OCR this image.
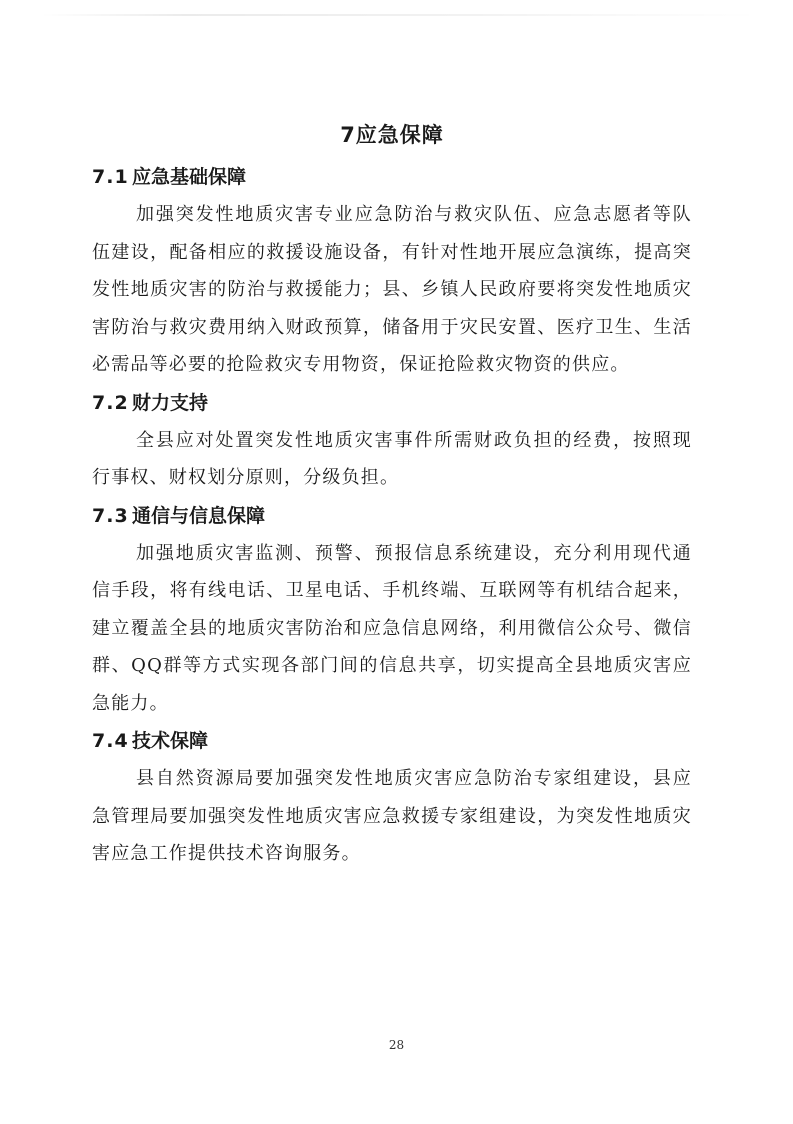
7应急保障
7.1 应急基础保障

加强突发性地质灾害专业应急防治与救灾队伍、应急志愿者等队伍建设，配备相应的救援设施设备，有针对性地开展应急演练，提高突发性地质灾害的防治与救援能力；县、乡镇人民政府要将突发性地质灾害防治与救灾费用纳入财政预算，储备用于灾民安置、医疗卫生、生活必需品等必要的抢险救灾专用物资，保证抢险救灾物资的供应。

7.2 财力支持

全县应对处置突发性地质灾害事件所需财政负担的经费，按照现行事权、财权划分原则，分级负担。

7.3 通信与信息保障

加强地质灾害监测、预警、预报信息系统建设，充分利用现代通信手段，将有线电话、卫星电话、手机终端、互联网等有机结合起来，建立覆盖全县的地质灾害防治和应急信息网络，利用微信公众号、微信群、QQ群等方式实现各部门间的信息共享，切实提高全县地质灾害应急能力。

7.4 技术保障

县自然资源局要加强突发性地质灾害应急防治专家组建设，县应急管理局要加强突发性地质灾害应急救援专家组建设，为突发性地质灾害应急工作提供技术咨询服务。

28
